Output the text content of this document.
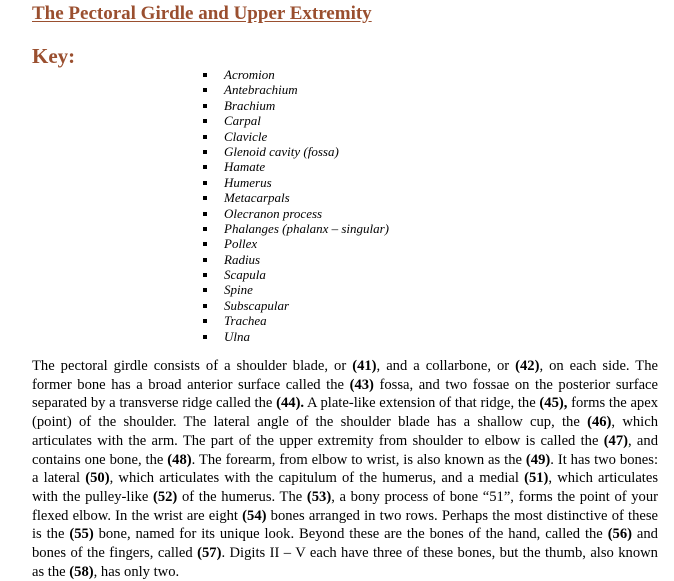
The Pectoral Girdle and Upper Extremity
Key:
Acromion
Antebrachium
Brachium
Carpal
Clavicle
Glenoid cavity (fossa)
Hamate
Humerus
Metacarpals
Olecranon process
Phalanges (phalanx – singular)
Pollex
Radius
Scapula
Spine
Subscapular
Trachea
Ulna

The pectoral girdle consists of a shoulder blade, or (41), and a collarbone, or (42), on each side. The former bone has a broad anterior surface called the (43) fossa, and two fossae on the posterior surface separated by a transverse ridge called the (44). A plate-like extension of that ridge, the (45), forms the apex (point) of the shoulder. The lateral angle of the shoulder blade has a shallow cup, the (46), which articulates with the arm. The part of the upper extremity from shoulder to elbow is called the (47), and contains one bone, the (48). The forearm, from elbow to wrist, is also known as the (49). It has two bones: a lateral (50), which articulates with the capitulum of the humerus, and a medial (51), which articulates with the pulley-like (52) of the humerus. The (53), a bony process of bone “51”, forms the point of your flexed elbow. In the wrist are eight (54) bones arranged in two rows. Perhaps the most distinctive of these is the (55) bone, named for its unique look. Beyond these are the bones of the hand, called the (56) and bones of the fingers, called (57). Digits II – V each have three of these bones, but the thumb, also known as the (58), has only two.
